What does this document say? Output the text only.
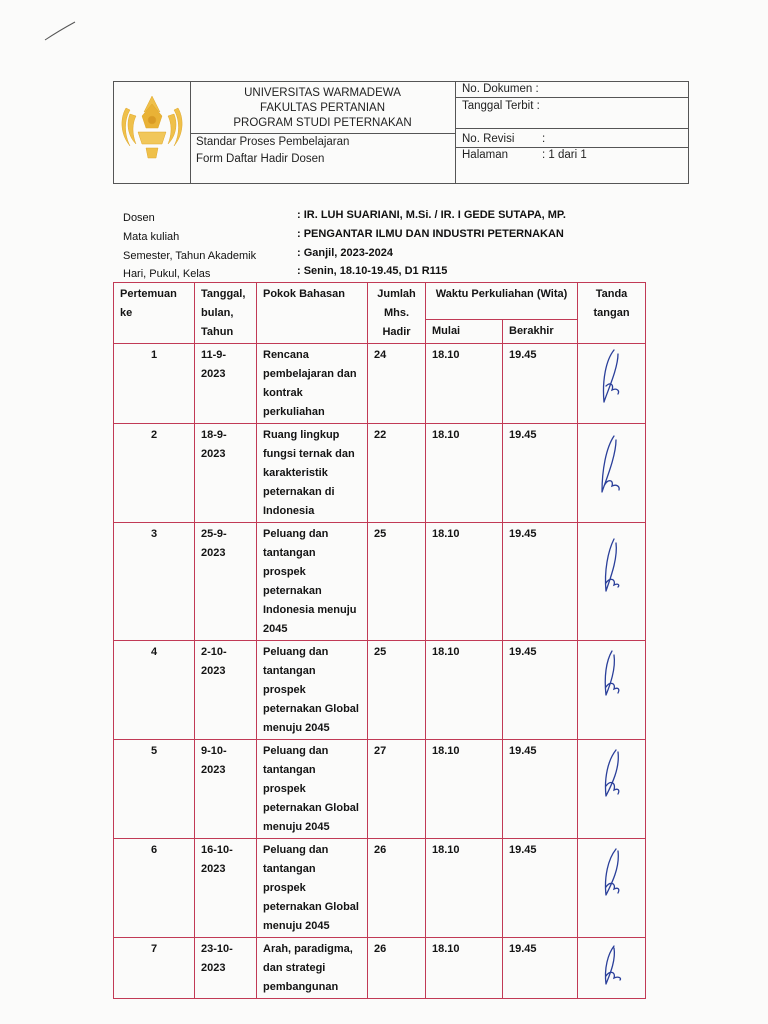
UNIVERSITAS WARMADEWA
FAKULTAS PERTANIAN
PROGRAM STUDI PETERNAKAN
Standar Proses Pembelajaran
Form Daftar Hadir Dosen
No. Dokumen :
Tanggal Terbit :
No. Revisi :
Halaman	: 1 dari 1
Dosen	: IR. LUH SUARIANI, M.Si. / IR. I GEDE SUTAPA, MP.
Mata kuliah	: PENGANTAR ILMU DAN INDUSTRI PETERNAKAN
Semester, Tahun Akademik	: Ganjil, 2023-2024
Hari, Pukul, Kelas	: Senin, 18.10-19.45, D1 R115
Pertemuan ke	Tanggal, bulan, Tahun	Pokok Bahasan	Jumlah Mhs. Hadir	Waktu Perkuliahan (Wita)		Tanda tangan
				Mulai	Berakhir	
1	11-9-2023	Rencana pembelajaran dan kontrak perkuliahan	24	18.10	19.45	

2	18-9-2023	Ruang lingkup fungsi ternak dan karakteristik peternakan di Indonesia	22	18.10	19.45	

3	25-9-2023	Peluang dan tantangan prospek peternakan Indonesia menuju 2045	25	18.10	19.45	

4	2-10-2023	Peluang dan tantangan prospek peternakan Global menuju 2045	25	18.10	19.45	

5	9-10-2023	Peluang dan tantangan prospek peternakan Global menuju 2045	27	18.10	19.45	

6	16-10-2023	Peluang dan tantangan prospek peternakan Global menuju 2045	26	18.10	19.45	

7	23-10-2023	Arah, paradigma, dan strategi pembangunan	26	18.10	19.45	
